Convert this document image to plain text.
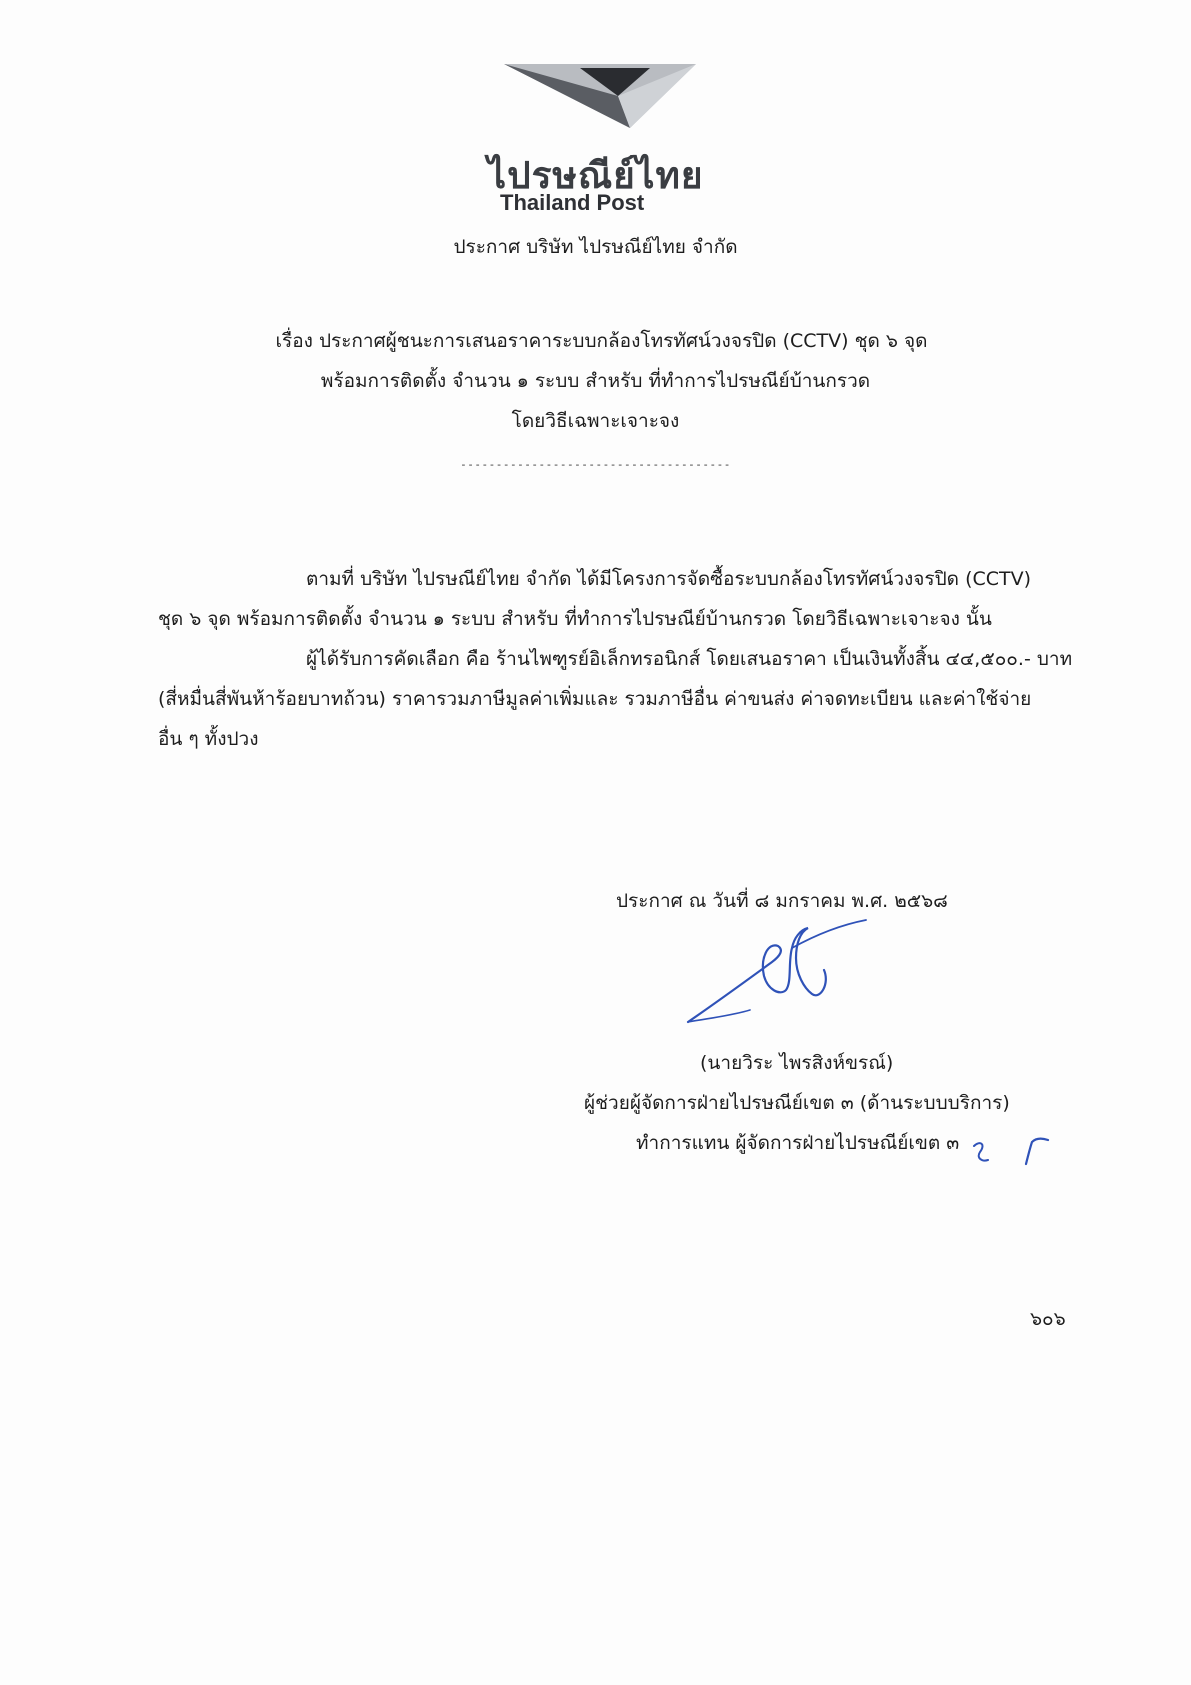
ไปรษณีย์ไทย
Thailand Post
ประกาศ บริษัท ไปรษณีย์ไทย จำกัด
เรื่อง ประกาศผู้ชนะการเสนอราคาระบบกล้องโทรทัศน์วงจรปิด (CCTV) ชุด ๖ จุด
พร้อมการติดตั้ง จำนวน ๑ ระบบ สำหรับ ที่ทำการไปรษณีย์บ้านกรวด
โดยวิธีเฉพาะเจาะจง
--------------------------------------
ตามที่ บริษัท ไปรษณีย์ไทย จำกัด ได้มีโครงการจัดซื้อระบบกล้องโทรทัศน์วงจรปิด (CCTV)
ชุด ๖ จุด พร้อมการติดตั้ง จำนวน ๑ ระบบ สำหรับ ที่ทำการไปรษณีย์บ้านกรวด โดยวิธีเฉพาะเจาะจง นั้น
ผู้ได้รับการคัดเลือก คือ ร้านไพฑูรย์อิเล็กทรอนิกส์ โดยเสนอราคา เป็นเงินทั้งสิ้น ๔๔,๕๐๐.- บาท
(สี่หมื่นสี่พันห้าร้อยบาทถ้วน) ราคารวมภาษีมูลค่าเพิ่มและ รวมภาษีอื่น ค่าขนส่ง ค่าจดทะเบียน และค่าใช้จ่าย
อื่น ๆ ทั้งปวง
ประกาศ ณ วันที่ ๘ มกราคม พ.ศ. ๒๕๖๘
(นายวิระ ไพรสิงห์ขรณ์)
ผู้ช่วยผู้จัดการฝ่ายไปรษณีย์เขต ๓ (ด้านระบบบริการ)
ทำการแทน ผู้จัดการฝ่ายไปรษณีย์เขต ๓
๖๐๖
